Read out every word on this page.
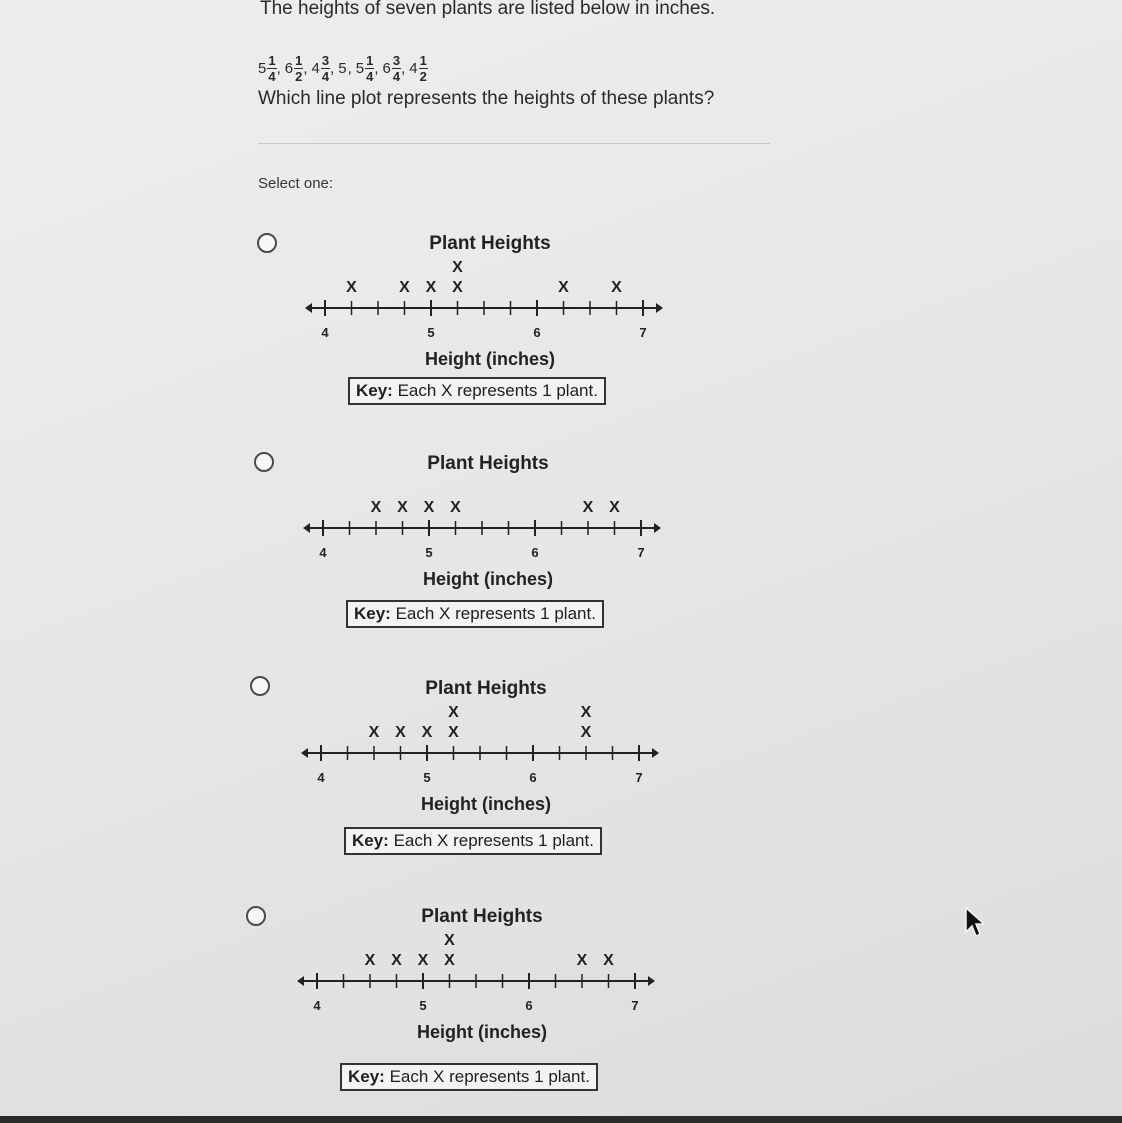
The heights of seven plants are listed below in inches.
$5 \frac{1}{4}$ , $6 \frac{1}{2}$ , $4 \frac{3}{4}$ , 5 , $5 \frac{1}{4}$ , $6 \frac{3}{4}$ , $4 \frac{1}{2}$
Which line plot represents the heights of these plants?
Select one:
Plant Heights
4	5	6	7
Height (inches)
X	X X X
X
X	X
Key: Each X represents 1 plant.
Plant Heights
4	5	6	7
Height (inches)
X X X X	X X
Key: Each X represents 1 plant.
Plant Heights
4	5	6	7
Height (inches)
X X X X
X
X
X
Key: Each X represents 1 plant.
Plant Heights
4	5	6	7
Height (inches)
X X X X
X
X X
Key: Each X represents 1 plant.
